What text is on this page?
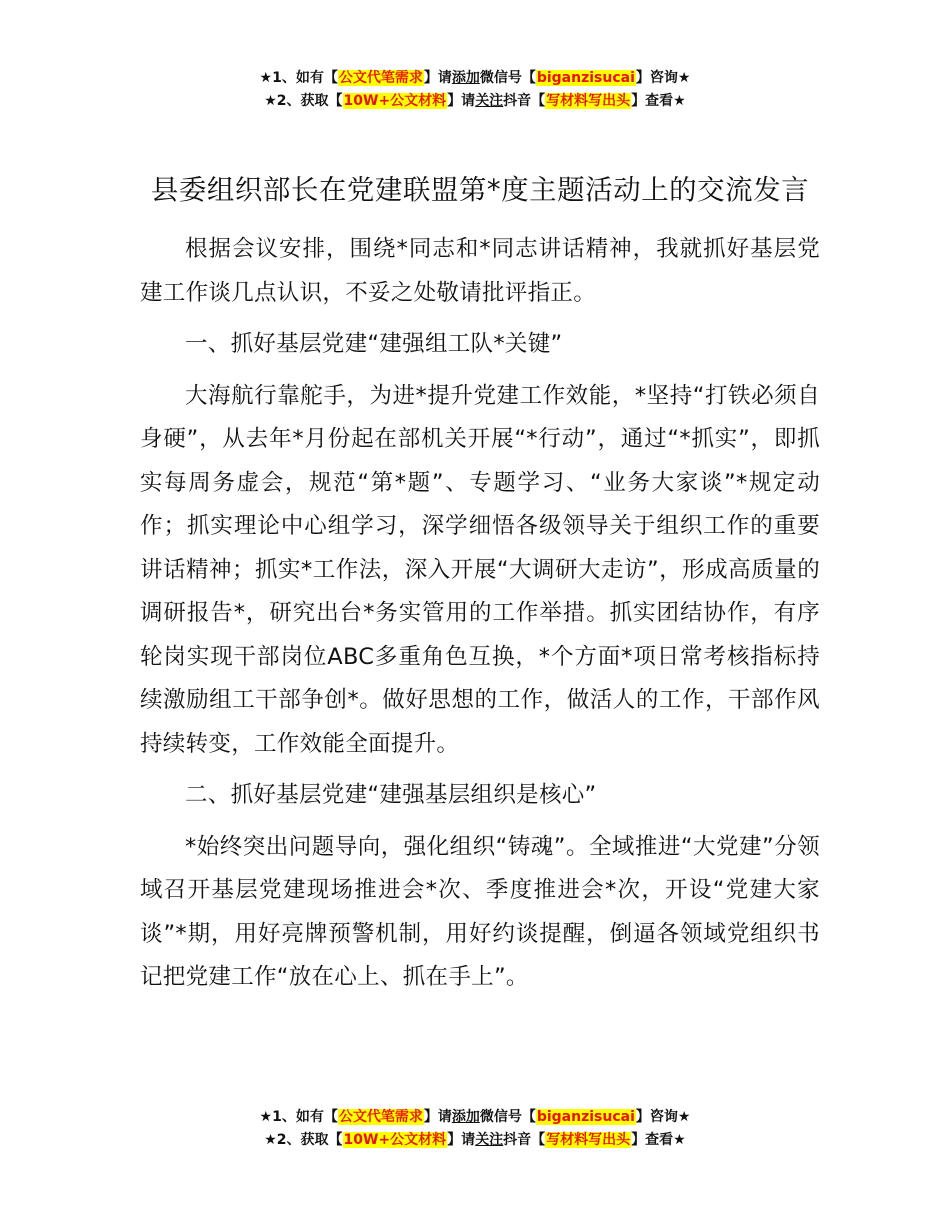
★1、如有【公文代笔需求】请添加微信号【biganzisucai】咨询★
★2、获取【10W+公文材料】请关注抖音【写材料写出头】查看★
县委组织部长在党建联盟第*度主题活动上的交流发言

根据会议安排，围绕*同志和*同志讲话精神，我就抓好基层党建工作谈几点认识，不妥之处敬请批评指正。

一、抓好基层党建“建强组工队*关键”

大海航行靠舵手，为进*提升党建工作效能，*坚持“打铁必须自身硬”，从去年*月份起在部机关开展“*行动”，通过“*抓实”，即抓实每周务虚会，规范“第*题”、专题学习、“业务大家谈”*规定动作；抓实理论中心组学习，深学细悟各级领导关于组织工作的重要讲话精神；抓实*工作法，深入开展“大调研大走访”，形成高质量的调研报告*，研究出台*务实管用的工作举措。抓实团结协作，有序轮岗实现干部岗位ABC多重角色互换，*个方面*项日常考核指标持续激励组工干部争创*。做好思想的工作，做活人的工作，干部作风持续转变，工作效能全面提升。

二、抓好基层党建“建强基层组织是核心”

*始终突出问题导向，强化组织“铸魂”。全域推进“大党建”分领域召开基层党建现场推进会*次、季度推进会*次，开设“党建大家谈”*期，用好亮牌预警机制，用好约谈提醒，倒逼各领域党组织书记把党建工作“放在心上、抓在手上”。

★1、如有【公文代笔需求】请添加微信号【biganzisucai】咨询★
★2、获取【10W+公文材料】请关注抖音【写材料写出头】查看★
